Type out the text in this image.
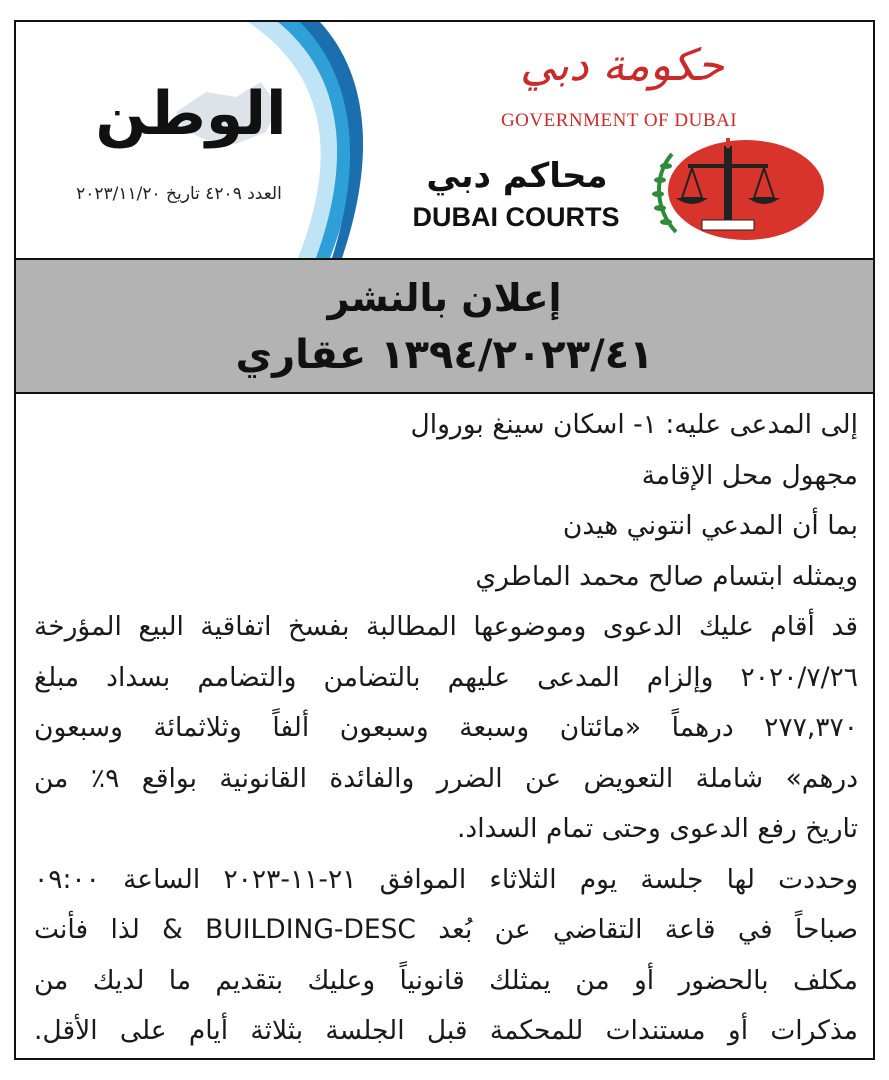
الوطن
العدد ٤٢٠٩ تاريخ ٢٠٢٣/١١/٢٠
حكومة دبي
GOVERNMENT OF DUBAI
محاكم دبي
DUBAI COURTS
إعلان بالنشر
١٣٩٤/٢٠٢٣/٤١ عقاري
إلى المدعى عليه: ١- اسكان سينغ بوروال
مجهول محل الإقامة
بما أن المدعي انتوني هيدن
ويمثله ابتسام صالح محمد الماطري
قد أقام عليك الدعوى وموضوعها المطالبة بفسخ اتفاقية البيع المؤرخة
٢٠٢٠/٧/٢٦ وإلزام المدعى عليهم بالتضامن والتضامم بسداد مبلغ
٢٧٧,٣٧٠ درهماً «مائتان وسبعة وسبعون ألفاً وثلاثمائة وسبعون
درهم» شاملة التعويض عن الضرر والفائدة القانونية بواقع ٩٪ من
تاريخ رفع الدعوى وحتى تمام السداد.
وحددت لها جلسة يوم الثلاثاء الموافق ٢١-١١-٢٠٢٣ الساعة ٠٩:٠٠
صباحاً في قاعة التقاضي عن بُعد BUILDING-DESC & لذا فأنت
مكلف بالحضور أو من يمثلك قانونياً وعليك بتقديم ما لديك من
مذكرات أو مستندات للمحكمة قبل الجلسة بثلاثة أيام على الأقل.
